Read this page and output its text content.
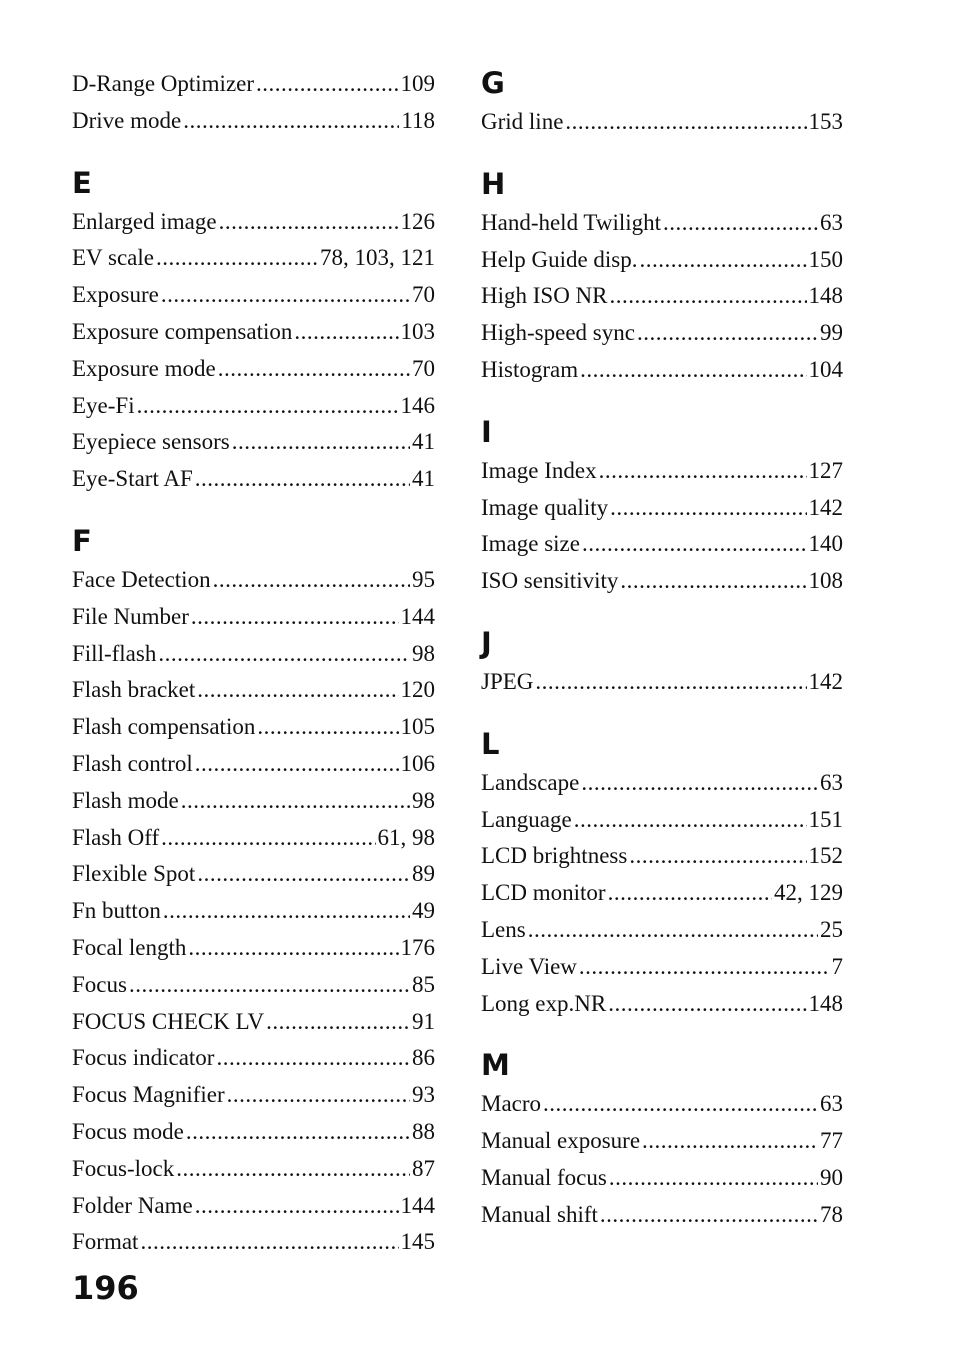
D-Range Optimizer .....	109
Drive mode .....	118
E
Enlarged image .....	126
EV scale .....	78, 103, 121
Exposure .....	70
Exposure compensation .....	103
Exposure mode .....	70
Eye-Fi .....	146
Eyepiece sensors .....	41
Eye-Start AF .....	41
F
Face Detection .....	95
File Number .....	144
Fill-flash .....	98
Flash bracket .....	120
Flash compensation .....	105
Flash control .....	106
Flash mode .....	98
Flash Off .....	61, 98
Flexible Spot .....	89
Fn button .....	49
Focal length .....	176
Focus .....	85
FOCUS CHECK LV .....	91
Focus indicator .....	86
Focus Magnifier .....	93
Focus mode .....	88
Focus-lock .....	87
Folder Name .....	144
Format .....	145
G
Grid line .....	153
H
Hand-held Twilight .....	63
Help Guide disp. .....	150
High ISO NR .....	148
High-speed sync .....	99
Histogram .....	104
I
Image Index .....	127
Image quality .....	142
Image size .....	140
ISO sensitivity .....	108
J
JPEG .....	142
L
Landscape .....	63
Language .....	151
LCD brightness .....	152
LCD monitor .....	42, 129
Lens .....	25
Live View .....	7
Long exp.NR .....	148
M
Macro .....	63
Manual exposure .....	77
Manual focus .....	90
Manual shift .....	78
196
